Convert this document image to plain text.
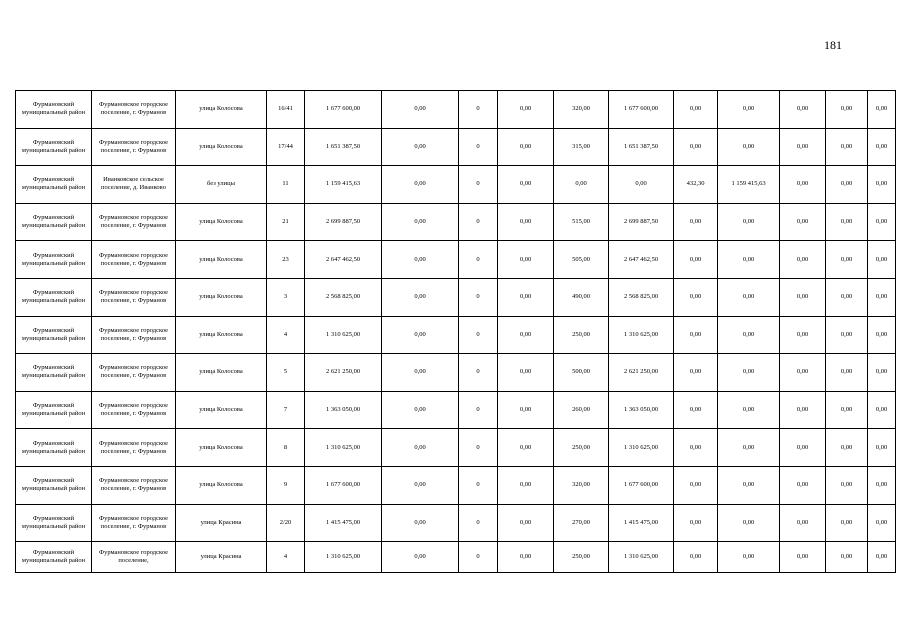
181
Фурмановский муниципальный район	Фурмановское городское поселение, г. Фурманов	улица Колосова	16/41	1 677 600,00	0,00	0	0,00	320,00	1 677 600,00	0,00	0,00	0,00	0,00	0,00
Фурмановский муниципальный район	Фурмановское городское поселение, г. Фурманов	улица Колосова	17/44	1 651 387,50	0,00	0	0,00	315,00	1 651 387,50	0,00	0,00	0,00	0,00	0,00
Фурмановский муниципальный район	Иванковское сельское поселение, д. Иванково	без улицы	11	1 159 415,63	0,00	0	0,00	0,00	0,00	432,30	1 159 415,63	0,00	0,00	0,00
Фурмановский муниципальный район	Фурмановское городское поселение, г. Фурманов	улица Колосова	21	2 699 887,50	0,00	0	0,00	515,00	2 699 887,50	0,00	0,00	0,00	0,00	0,00
Фурмановский муниципальный район	Фурмановское городское поселение, г. Фурманов	улица Колосова	23	2 647 462,50	0,00	0	0,00	505,00	2 647 462,50	0,00	0,00	0,00	0,00	0,00
Фурмановский муниципальный район	Фурмановское городское поселение, г. Фурманов	улица Колосова	3	2 568 825,00	0,00	0	0,00	490,00	2 568 825,00	0,00	0,00	0,00	0,00	0,00
Фурмановский муниципальный район	Фурмановское городское поселение, г. Фурманов	улица Колосова	4	1 310 625,00	0,00	0	0,00	250,00	1 310 625,00	0,00	0,00	0,00	0,00	0,00
Фурмановский муниципальный район	Фурмановское городское поселение, г. Фурманов	улица Колосова	5	2 621 250,00	0,00	0	0,00	500,00	2 621 250,00	0,00	0,00	0,00	0,00	0,00
Фурмановский муниципальный район	Фурмановское городское поселение, г. Фурманов	улица Колосова	7	1 363 050,00	0,00	0	0,00	260,00	1 363 050,00	0,00	0,00	0,00	0,00	0,00
Фурмановский муниципальный район	Фурмановское городское поселение, г. Фурманов	улица Колосова	8	1 310 625,00	0,00	0	0,00	250,00	1 310 625,00	0,00	0,00	0,00	0,00	0,00
Фурмановский муниципальный район	Фурмановское городское поселение, г. Фурманов	улица Колосова	9	1 677 600,00	0,00	0	0,00	320,00	1 677 600,00	0,00	0,00	0,00	0,00	0,00
Фурмановский муниципальный район	Фурмановское городское поселение, г. Фурманов	улица Красина	2/20	1 415 475,00	0,00	0	0,00	270,00	1 415 475,00	0,00	0,00	0,00	0,00	0,00
Фурмановский муниципальный район	Фурмановское городское поселение,	улица Красина	4	1 310 625,00	0,00	0	0,00	250,00	1 310 625,00	0,00	0,00	0,00	0,00	0,00
